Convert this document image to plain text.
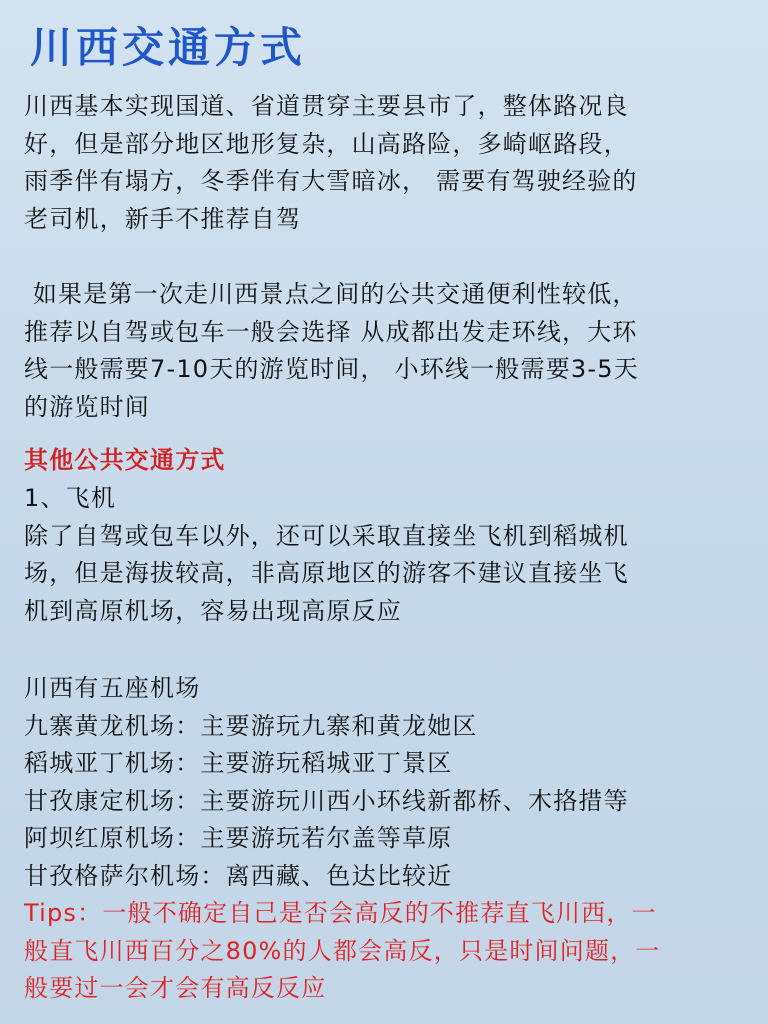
川西交通方式

川西基本实现国道、省道贯穿主要县市了，整体路况良
好，但是部分地区地形复杂，山高路险，多崎岖路段，
雨季伴有塌方，冬季伴有大雪暗冰， 需要有驾驶经验的
老司机，新手不推荐自驾

如果是第一次走川西景点之间的公共交通便利性较低，
推荐以自驾或包车一般会选择 从成都出发走环线，大环
线一般需要7-10天的游览时间， 小环线一般需要3-5天
的游览时间

其他公共交通方式

1、飞机
除了自驾或包车以外，还可以采取直接坐飞机到稻城机
场，但是海拔较高，非高原地区的游客不建议直接坐飞
机到高原机场，容易出现高原反应

川西有五座机场
九寨黄龙机场：主要游玩九寨和黄龙她区
稻城亚丁机场：主要游玩稻城亚丁景区
甘孜康定机场：主要游玩川西小环线新都桥、木挌措等
阿坝红原机场：主要游玩若尔盖等草原
甘孜格萨尔机场：离西藏、色达比较近

Tips：一般不确定自己是否会高反的不推荐直飞川西，一
般直飞川西百分之80%的人都会高反，只是时间问题，一
般要过一会才会有高反反应
